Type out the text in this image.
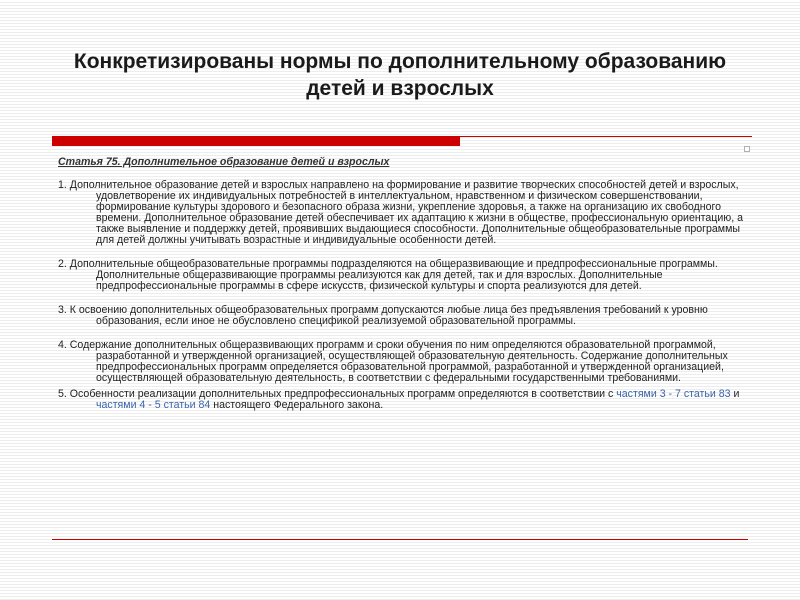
Конкретизированы нормы по дополнительному образованию детей и взрослых

Статья 75. Дополнительное образование детей и взрослых

1. Дополнительное образование детей и взрослых направлено на формирование и развитие творческих способностей детей и взрослых, удовлетворение их индивидуальных потребностей в интеллектуальном, нравственном и физическом совершенствовании, формирование культуры здорового и безопасного образа жизни, укрепление здоровья, а также на организацию их свободного времени. Дополнительное образование детей обеспечивает их адаптацию к жизни в обществе, профессиональную ориентацию, а также выявление и поддержку детей, проявивших выдающиеся способности. Дополнительные общеобразовательные программы для детей должны учитывать возрастные и индивидуальные особенности детей.

2. Дополнительные общеобразовательные программы подразделяются на общеразвивающие и предпрофессиональные программы. Дополнительные общеразвивающие программы реализуются как для детей, так и для взрослых. Дополнительные предпрофессиональные программы в сфере искусств, физической культуры и спорта реализуются для детей.

3. К освоению дополнительных общеобразовательных программ допускаются любые лица без предъявления требований к уровню образования, если иное не обусловлено спецификой реализуемой образовательной программы.

4. Содержание дополнительных общеразвивающих программ и сроки обучения по ним определяются образовательной программой, разработанной и утвержденной организацией, осуществляющей образовательную деятельность. Содержание дополнительных предпрофессиональных программ определяется образовательной программой, разработанной и утвержденной организацией, осуществляющей образовательную деятельность, в соответствии с федеральными государственными требованиями.

5. Особенности реализации дополнительных предпрофессиональных программ определяются в соответствии с частями 3 - 7 статьи 83 и частями 4 - 5 статьи 84 настоящего Федерального закона.
